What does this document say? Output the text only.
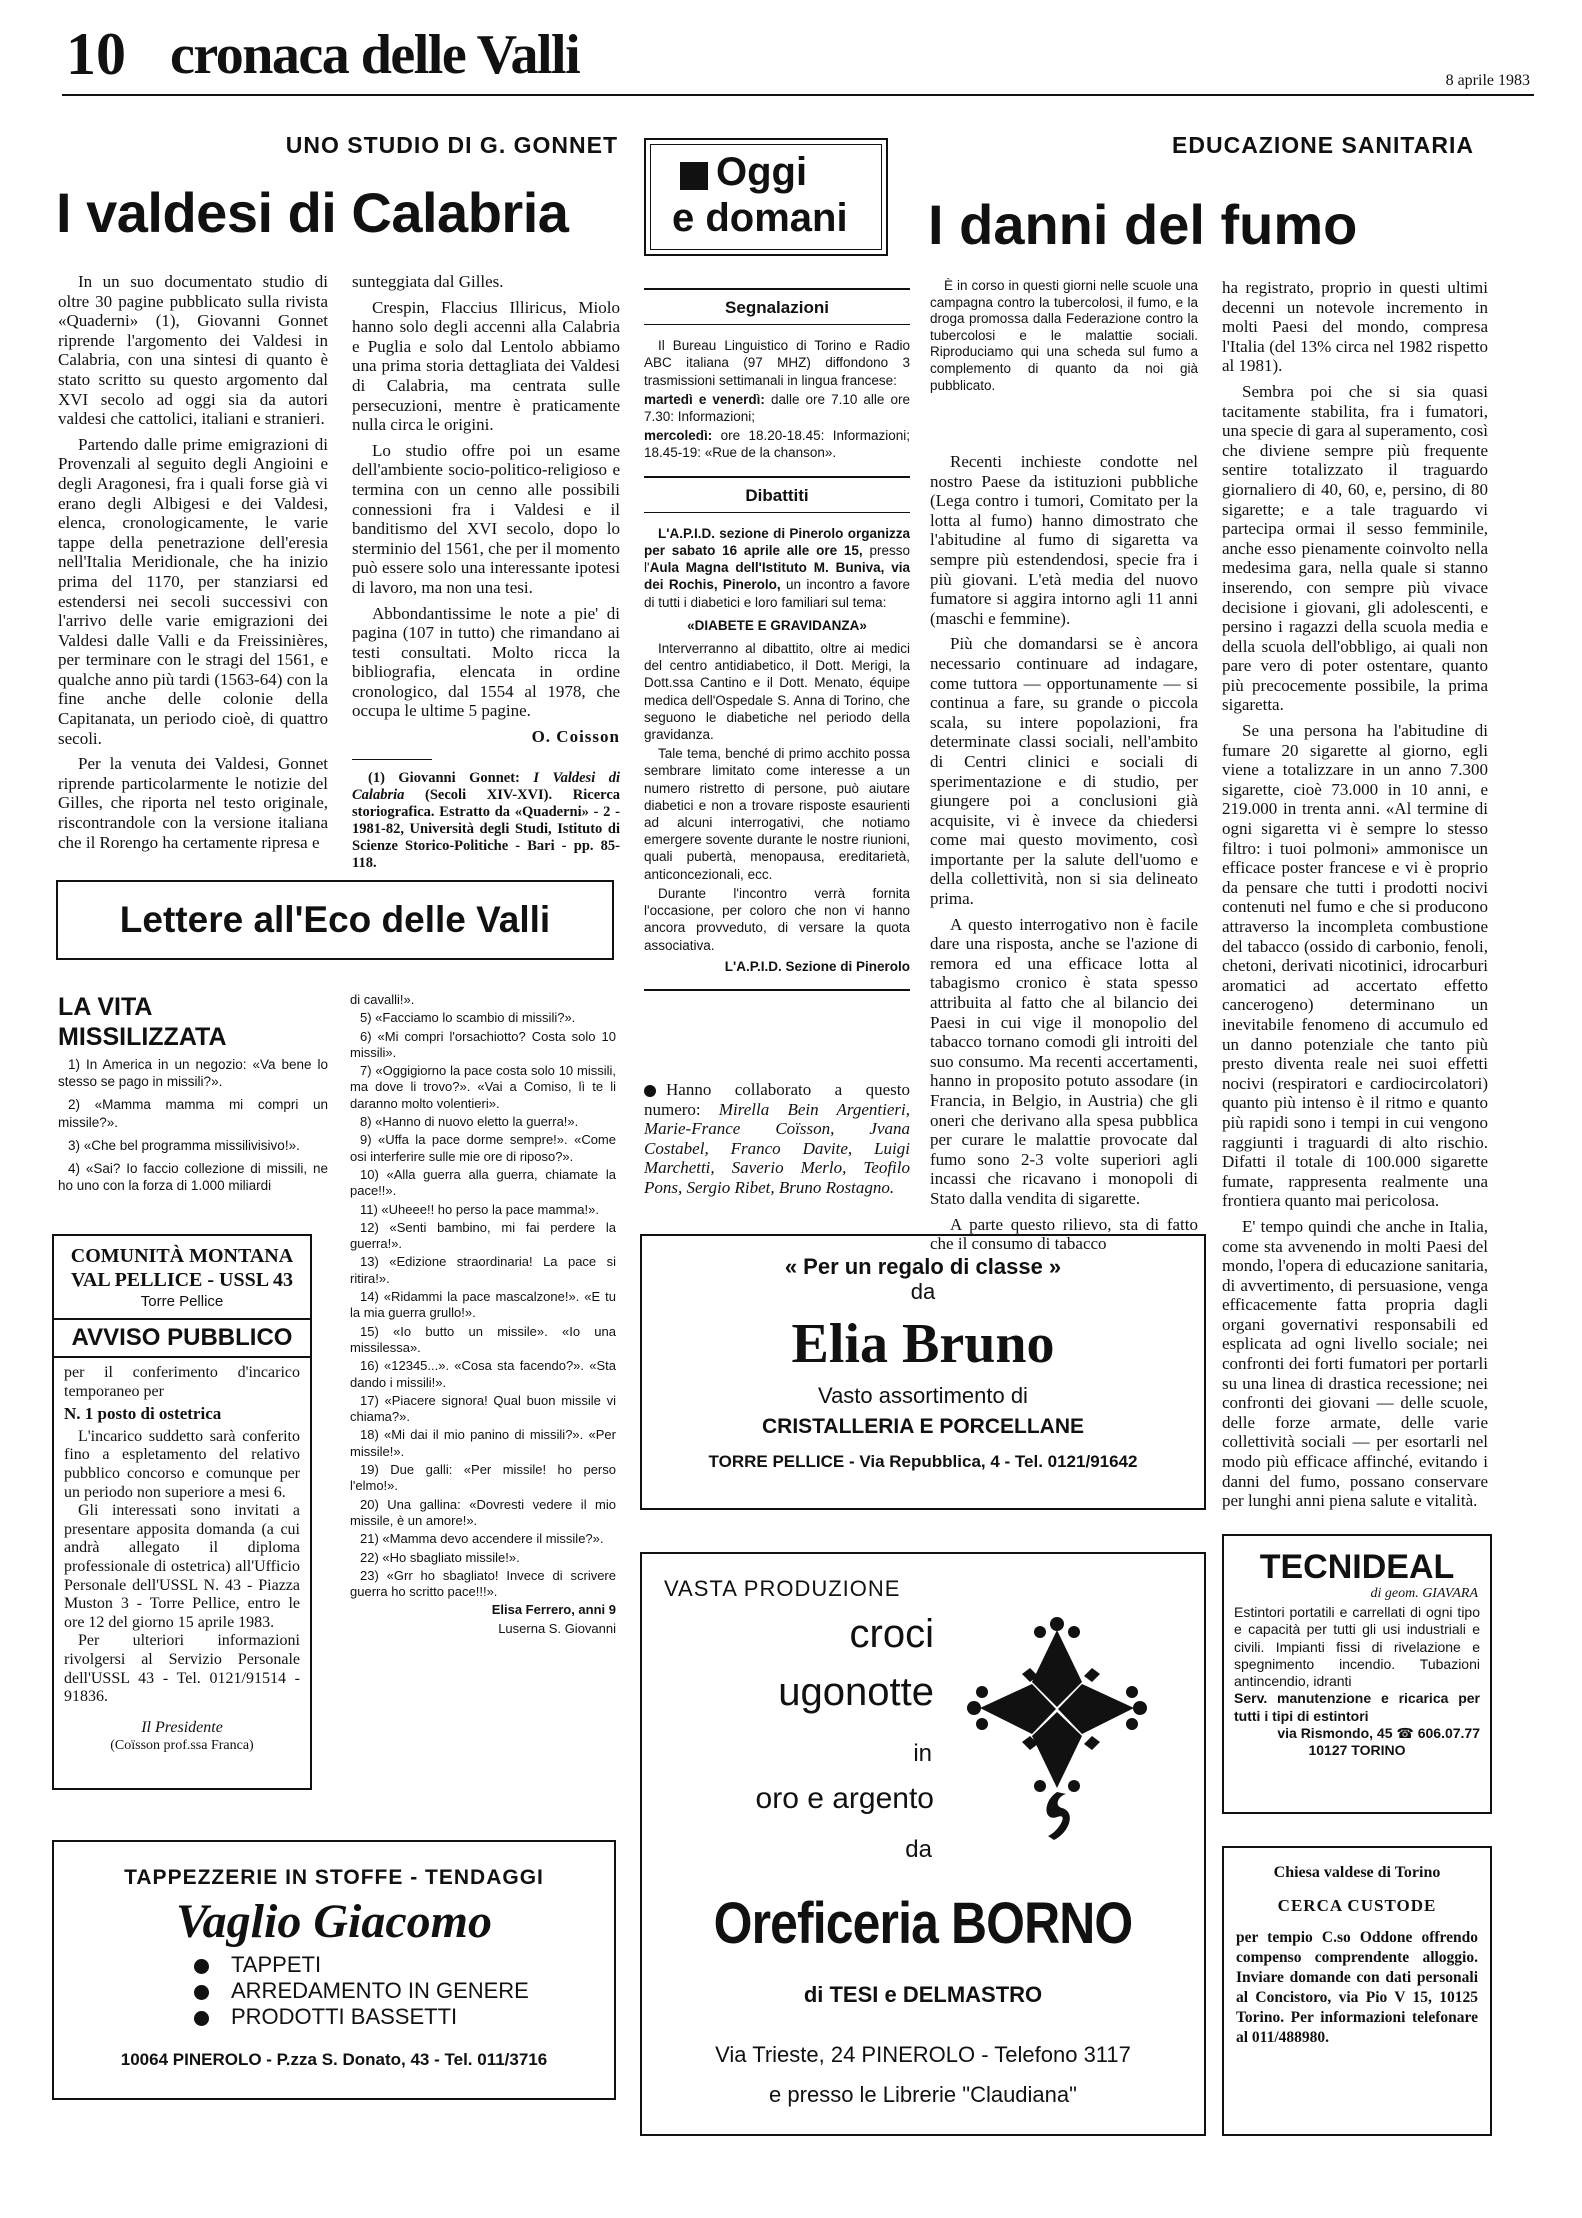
10 cronaca delle Valli	8 aprile 1983
UNO STUDIO DI G. GONNET
I valdesi di Calabria

In un suo documentato studio di oltre 30 pagine pubblicato sulla rivista «Quaderni» (1), Giovanni Gonnet riprende l'argomento dei Valdesi in Calabria, con una sintesi di quanto è stato scritto su questo argomento dal XVI secolo ad oggi sia da autori valdesi che cattolici, italiani e stranieri.

Partendo dalle prime emigrazioni di Provenzali al seguito degli Angioini e degli Aragonesi, fra i quali forse già vi erano degli Albigesi e dei Valdesi, elenca, cronologicamente, le varie tappe della penetrazione dell'eresia nell'Italia Meridionale, che ha inizio prima del 1170, per stanziarsi ed estendersi nei secoli successivi con l'arrivo delle varie emigrazioni dei Valdesi dalle Valli e da Freissinières, per terminare con le stragi del 1561, e qualche anno più tardi (1563-64) con la fine anche delle colonie della Capitanata, un periodo cioè, di quattro secoli.

Per la venuta dei Valdesi, Gonnet riprende particolarmente le notizie del Gilles, che riporta nel testo originale, riscontrandole con la versione italiana che il Rorengo ha certamente ripresa e

sunteggiata dal Gilles.

Crespin, Flaccius Illiricus, Miolo hanno solo degli accenni alla Calabria e Puglia e solo dal Lentolo abbiamo una prima storia dettagliata dei Valdesi di Calabria, ma centrata sulle persecuzioni, mentre è praticamente nulla circa le origini.

Lo studio offre poi un esame dell'ambiente socio-politico-religioso e termina con un cenno alle possibili connessioni fra i Valdesi e il banditismo del XVI secolo, dopo lo sterminio del 1561, che per il momento può essere solo una interessante ipotesi di lavoro, ma non una tesi.

Abbondantissime le note a pie' di pagina (107 in tutto) che rimandano ai testi consultati. Molto ricca la bibliografia, elencata in ordine cronologico, dal 1554 al 1978, che occupa le ultime 5 pagine.

O. Coisson
(1) Giovanni Gonnet: I Valdesi di Calabria (Secoli XIV-XVI). Ricerca storiografica. Estratto da «Quaderni» - 2 - 1981-82, Università degli Studi, Istituto di Scienze Storico-Politiche - Bari - pp. 85-118.
Oggi
e domani
Segnalazioni

Il Bureau Linguistico di Torino e Radio ABC italiana (97 MHZ) diffondono 3 trasmissioni settimanali in lingua francese:

martedì e venerdì: dalle ore 7.10 alle ore 7.30: Informazioni;

mercoledì: ore 18.20-18.45: Informazioni; 18.45-19: «Rue de la chanson».

Dibattiti

L'A.P.I.D. sezione di Pinerolo organizza per sabato 16 aprile alle ore 15, presso l'Aula Magna dell'Istituto M. Buniva, via dei Rochis, Pinerolo, un incontro a favore di tutti i diabetici e loro familiari sul tema:

«DIABETE E GRAVIDANZA»

Interverranno al dibattito, oltre ai medici del centro antidiabetico, il Dott. Merigi, la Dott.ssa Cantino e il Dott. Menato, équipe medica dell'Ospedale S. Anna di Torino, che seguono le diabetiche nel periodo della gravidanza.

Tale tema, benché di primo acchito possa sembrare limitato come interesse a un numero ristretto di persone, può aiutare diabetici e non a trovare risposte esaurienti ad alcuni interrogativi, che notiamo emergere sovente durante le nostre riunioni, quali pubertà, menopausa, ereditarietà, anticoncezionali, ecc.

Durante l'incontro verrà fornita l'occasione, per coloro che non vi hanno ancora provveduto, di versare la quota associativa.

L'A.P.I.D. Sezione di Pinerolo

Hanno collaborato a questo numero: Mirella Bein Argentieri, Marie-France Coïsson, Jvana Costabel, Franco Davite, Luigi Marchetti, Saverio Merlo, Teofilo Pons, Sergio Ribet, Bruno Rostagno.
EDUCAZIONE SANITARIA
I danni del fumo
È in corso in questi giorni nelle scuole una campagna contro la tubercolosi, il fumo, e la droga promossa dalla Federazione contro la tubercolosi e le malattie sociali. Riproduciamo qui una scheda sul fumo a complemento di quanto da noi già pubblicato.

Recenti inchieste condotte nel nostro Paese da istituzioni pubbliche (Lega contro i tumori, Comitato per la lotta al fumo) hanno dimostrato che l'abitudine al fumo di sigaretta va sempre più estendendosi, specie fra i più giovani. L'età media del nuovo fumatore si aggira intorno agli 11 anni (maschi e femmine).

Più che domandarsi se è ancora necessario continuare ad indagare, come tuttora — opportunamente — si continua a fare, su grande o piccola scala, su intere popolazioni, fra determinate classi sociali, nell'ambito di Centri clinici e sociali di sperimentazione e di studio, per giungere poi a conclusioni già acquisite, vi è invece da chiedersi come mai questo movimento, così importante per la salute dell'uomo e della collettività, non si sia delineato prima.

A questo interrogativo non è facile dare una risposta, anche se l'azione di remora ed una efficace lotta al tabagismo cronico è stata spesso attribuita al fatto che al bilancio dei Paesi in cui vige il monopolio del tabacco tornano comodi gli introiti del suo consumo. Ma recenti accertamenti, hanno in proposito potuto assodare (in Francia, in Belgio, in Austria) che gli oneri che derivano alla spesa pubblica per curare le malattie provocate dal fumo sono 2-3 volte superiori agli incassi che ricavano i monopoli di Stato dalla vendita di sigarette.

A parte questo rilievo, sta di fatto che il consumo di tabacco

ha registrato, proprio in questi ultimi decenni un notevole incremento in molti Paesi del mondo, compresa l'Italia (del 13% circa nel 1982 rispetto al 1981).

Sembra poi che si sia quasi tacitamente stabilita, fra i fumatori, una specie di gara al superamento, così che diviene sempre più frequente sentire totalizzato il traguardo giornaliero di 40, 60, e, persino, di 80 sigarette; e a tale traguardo vi partecipa ormai il sesso femminile, anche esso pienamente coinvolto nella medesima gara, nella quale si stanno inserendo, con sempre più vivace decisione i giovani, gli adolescenti, e persino i ragazzi della scuola media e della scuola dell'obbligo, ai quali non pare vero di poter ostentare, quanto più precocemente possibile, la prima sigaretta.

Se una persona ha l'abitudine di fumare 20 sigarette al giorno, egli viene a totalizzare in un anno 7.300 sigarette, cioè 73.000 in 10 anni, e 219.000 in trenta anni. «Al termine di ogni sigaretta vi è sempre lo stesso filtro: i tuoi polmoni» ammonisce un efficace poster francese e vi è proprio da pensare che tutti i prodotti nocivi contenuti nel fumo e che si producono attraverso la incompleta combustione del tabacco (ossido di carbonio, fenoli, chetoni, derivati nicotinici, idrocarburi aromatici ad accertato effetto cancerogeno) determinano un inevitabile fenomeno di accumulo ed un danno potenziale che tanto più presto diventa reale nei suoi effetti nocivi (respiratori e cardiocircolatori) quanto più intenso è il ritmo e quanto più rapidi sono i tempi in cui vengono raggiunti i traguardi di alto rischio. Difatti il totale di 100.000 sigarette fumate, rappresenta realmente una frontiera quanto mai pericolosa.

E' tempo quindi che anche in Italia, come sta avvenendo in molti Paesi del mondo, l'opera di educazione sanitaria, di avvertimento, di persuasione, venga efficacemente fatta propria dagli organi governativi responsabili ed esplicata ad ogni livello sociale; nei confronti dei forti fumatori per portarli su una linea di drastica recessione; nei confronti dei giovani — delle scuole, delle forze armate, delle varie collettività sociali — per esortarli nel modo più efficace affinché, evitando i danni del fumo, possano conservare per lunghi anni piena salute e vitalità.

Lettere all'Eco delle Valli
LA VITA
MISSILIZZATA

1) In America in un negozio: «Va bene lo stesso se pago in missili?».

2) «Mamma mamma mi compri un missile?».

3) «Che bel programma missilivisivo!».

4) «Sai? Io faccio collezione di missili, ne ho uno con la forza di 1.000 miliardi

di cavalli!».

5) «Facciamo lo scambio di missili?».

6) «Mi compri l'orsachiotto? Costa solo 10 missili».

7) «Oggigiorno la pace costa solo 10 missili, ma dove li trovo?». «Vai a Comiso, lì te li daranno molto volentieri».

8) «Hanno di nuovo eletto la guerra!».

9) «Uffa la pace dorme sempre!». «Come osi interferire sulle mie ore di riposo?».

10) «Alla guerra alla guerra, chiamate la pace!!».

11) «Uheee!! ho perso la pace mamma!».

12) «Senti bambino, mi fai perdere la guerra!».

13) «Edizione straordinaria! La pace si ritira!».

14) «Ridammi la pace mascalzone!». «E tu la mia guerra grullo!».

15) «Io butto un missile». «Io una missilessa».

16) «12345...». «Cosa sta facendo?». «Sta dando i missili!».

17) «Piacere signora! Qual buon missile vi chiama?».

18) «Mi dai il mio panino di missili?». «Per missile!».

19) Due galli: «Per missile! ho perso l'elmo!».

20) Una gallina: «Dovresti vedere il mio missile, è un amore!».

21) «Mamma devo accendere il missile?».

22) «Ho sbagliato missile!».

23) «Grr ho sbagliato! Invece di scrivere guerra ho scritto pace!!!».

Elisa Ferrero, anni 9

Luserna S. Giovanni

COMUNITÀ MONTANA
VAL PELLICE - USSL 43
Torre Pellice
AVVISO PUBBLICO
per il conferimento d'incarico temporaneo per
N. 1 posto di ostetrica
L'incarico suddetto sarà conferito fino a espletamento del relativo pubblico concorso e comunque per un periodo non superiore a mesi 6.
Gli interessati sono invitati a presentare apposita domanda (a cui andrà allegato il diploma professionale di ostetrica) all'Ufficio Personale dell'USSL N. 43 - Piazza Muston 3 - Torre Pellice, entro le ore 12 del giorno 15 aprile 1983.
Per ulteriori informazioni rivolgersi al Servizio Personale dell'USSL 43 - Tel. 0121/91514 - 91836.
Il Presidente
(Coïsson prof.ssa Franca)
« Per un regalo di classe »
da
Elia Bruno
Vasto assortimento di
CRISTALLERIA E PORCELLANE
TORRE PELLICE - Via Repubblica, 4 - Tel. 0121/91642
VASTA PRODUZIONE
croci
ugonotte
in
oro e argento
da
Oreficeria BORNO
di TESI e DELMASTRO
Via Trieste, 24 PINEROLO - Telefono 3117
e presso le Librerie "Claudiana"
TECNIDEAL
di geom. GIAVARA
Estintori portatili e carrellati di ogni tipo e capacità per tutti gli usi industriali e civili. Impianti fissi di rivelazione e spegnimento incendio. Tubazioni antincendio, idranti
Serv. manutenzione e ricarica per tutti i tipi di estintori
via Rismondo, 45 ☎ 606.07.77
10127 TORINO
Chiesa valdese di Torino
CERCA CUSTODE
per tempio C.so Oddone offrendo compenso comprendente alloggio. Inviare domande con dati personali al Concistoro, via Pio V 15, 10125 Torino. Per informazioni telefonare al 011/488980.
TAPPEZZERIE IN STOFFE - TENDAGGI
Vaglio Giacomo
TAPPETI
ARREDAMENTO IN GENERE
PRODOTTI BASSETTI
10064 PINEROLO - P.zza S. Donato, 43 - Tel. 011/3716
